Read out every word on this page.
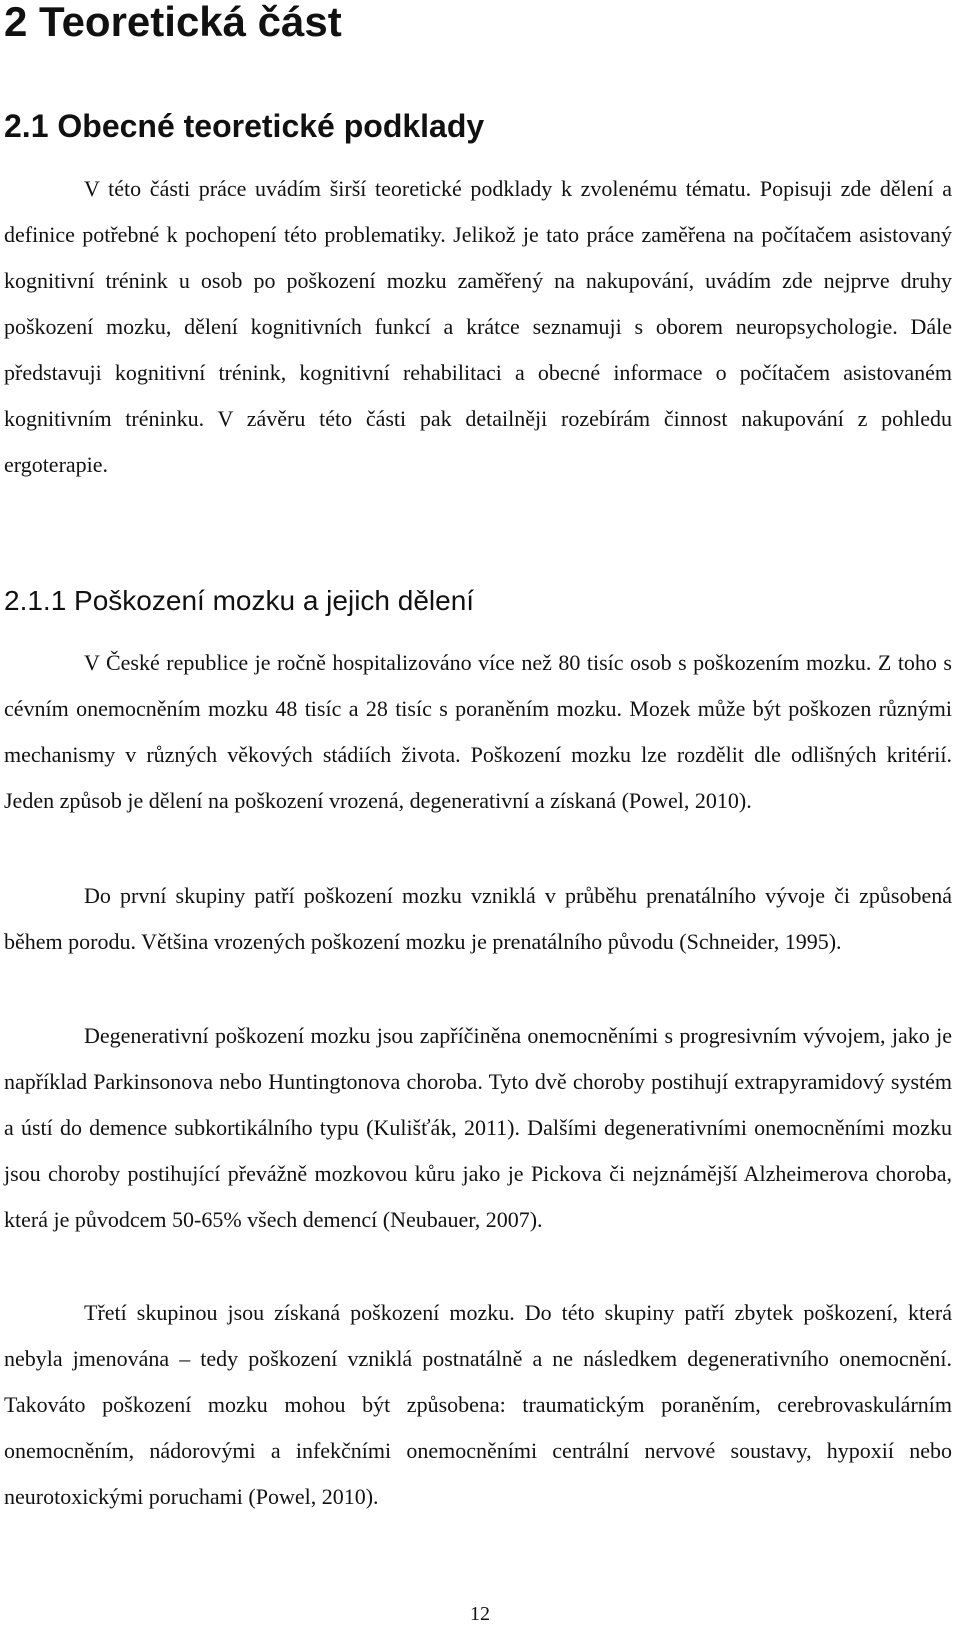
2 Teoretická část
2.1 Obecné teoretické podklady

V této části práce uvádím širší teoretické podklady k zvolenému tématu. Popisuji zde dělení a definice potřebné k pochopení této problematiky. Jelikož je tato práce zaměřena na počítačem asistovaný kognitivní trénink u osob po poškození mozku zaměřený na nakupování, uvádím zde nejprve druhy poškození mozku, dělení kognitivních funkcí a krátce seznamuji s oborem neuropsychologie. Dále představuji kognitivní trénink, kognitivní rehabilitaci a obecné informace o počítačem asistovaném kognitivním tréninku. V závěru této části pak detailněji rozebírám činnost nakupování z pohledu ergoterapie.

2.1.1 Poškození mozku a jejich dělení

V České republice je ročně hospitalizováno více než 80 tisíc osob s poškozením mozku. Z toho s cévním onemocněním mozku 48 tisíc a 28 tisíc s poraněním mozku. Mozek může být poškozen různými mechanismy v různých věkových stádiích života. Poškození mozku lze rozdělit dle odlišných kritérií. Jeden způsob je dělení na poškození vrozená, degenerativní a získaná (Powel, 2010).

Do první skupiny patří poškození mozku vzniklá v průběhu prenatálního vývoje či způsobená během porodu. Většina vrozených poškození mozku je prenatálního původu (Schneider, 1995).

Degenerativní poškození mozku jsou zapříčiněna onemocněními s progresivním vývojem, jako je například Parkinsonova nebo Huntingtonova choroba. Tyto dvě choroby postihují extrapyramidový systém a ústí do demence subkortikálního typu (Kulišťák, 2011). Dalšími degenerativními onemocněními mozku jsou choroby postihující převážně mozkovou kůru jako je Pickova či nejznámější Alzheimerova choroba, která je původcem 50-65% všech demencí (Neubauer, 2007).

Třetí skupinou jsou získaná poškození mozku. Do této skupiny patří zbytek poškození, která nebyla jmenována – tedy poškození vzniklá postnatálně a ne následkem degenerativního onemocnění. Takováto poškození mozku mohou být způsobena: traumatickým poraněním, cerebrovaskulárním onemocněním, nádorovými a infekčními onemocněními centrální nervové soustavy, hypoxií nebo neurotoxickými poruchami (Powel, 2010).

12
